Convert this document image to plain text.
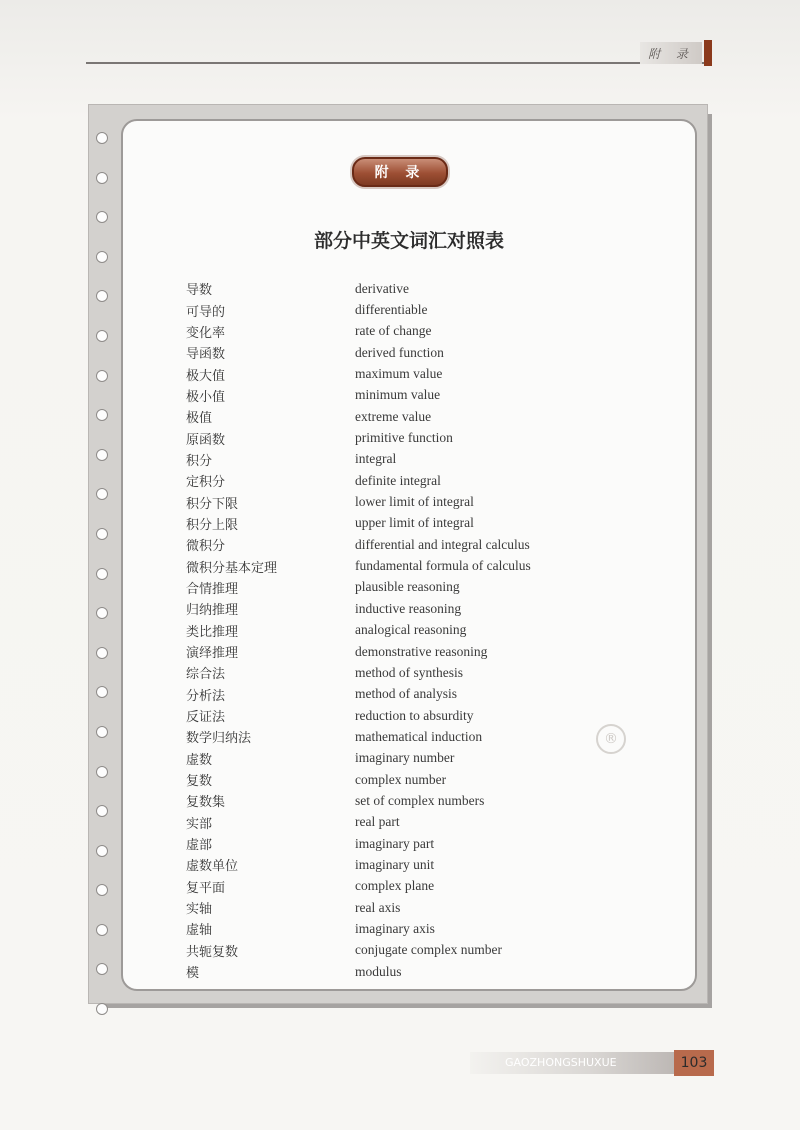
附 录
附 录
部分中英文词汇对照表
导数	derivative
可导的	differentiable
变化率	rate of change
导函数	derived function
极大值	maximum value
极小值	minimum value
极值	extreme value
原函数	primitive function
积分	integral
定积分	definite integral
积分下限	lower limit of integral
积分上限	upper limit of integral
微积分	differential and integral calculus
微积分基本定理	fundamental formula of calculus
合情推理	plausible reasoning
归纳推理	inductive reasoning
类比推理	analogical reasoning
演绎推理	demonstrative reasoning
综合法	method of synthesis
分析法	method of analysis
反证法	reduction to absurdity
数学归纳法	mathematical induction
虚数	imaginary number
复数	complex number
复数集	set of complex numbers
实部	real part
虚部	imaginary part
虚数单位	imaginary unit
复平面	complex plane
实轴	real axis
虚轴	imaginary axis
共轭复数	conjugate complex number
模	modulus
®
GAOZHONGSHUXUE	103
